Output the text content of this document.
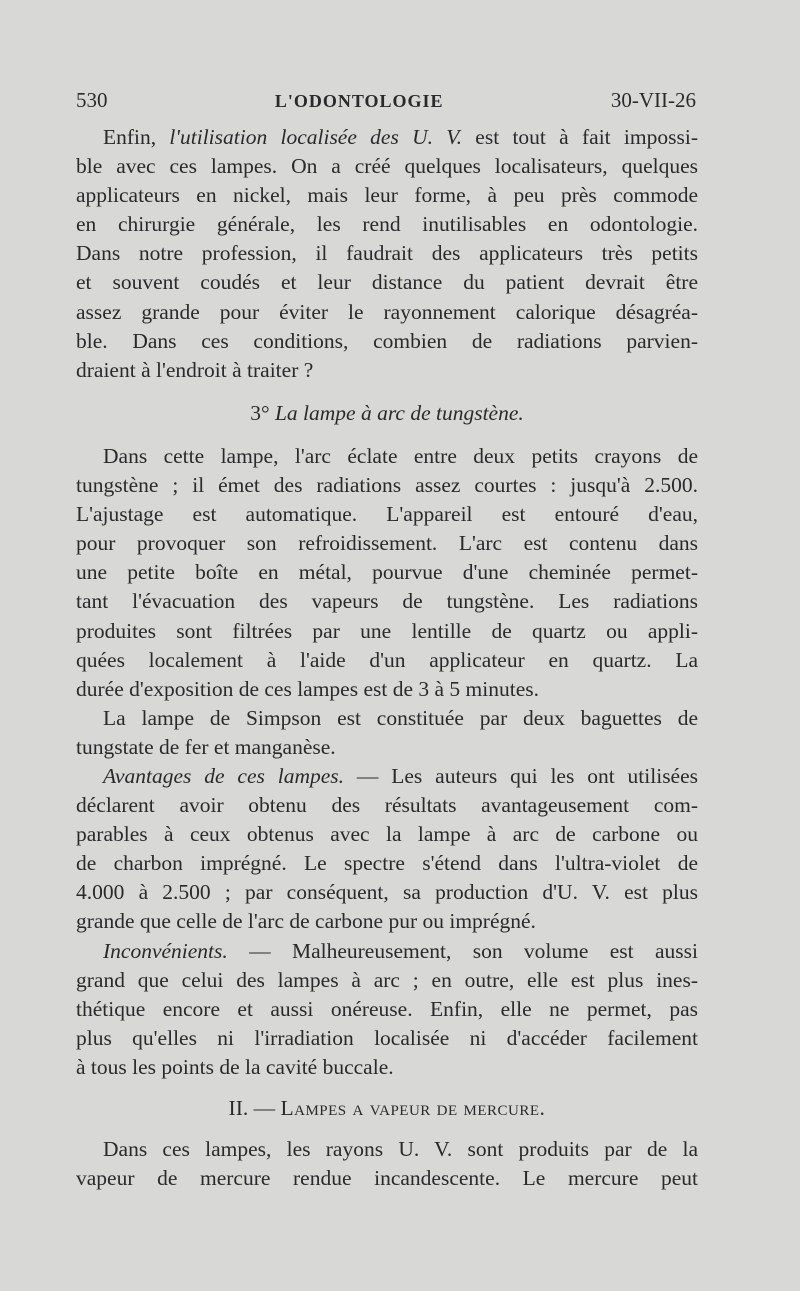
530	L'ODONTOLOGIE	30-VII-26
Enfin, l'utilisation localisée des U. V. est tout à fait impossi-
ble avec ces lampes. On a créé quelques localisateurs, quelques
applicateurs en nickel, mais leur forme, à peu près commode
en chirurgie générale, les rend inutilisables en odontologie.
Dans notre profession, il faudrait des applicateurs très petits
et souvent coudés et leur distance du patient devrait être
assez grande pour éviter le rayonnement calorique désagréa-
ble. Dans ces conditions, combien de radiations parvien-
draient à l'endroit à traiter ?
3° La lampe à arc de tungstène.
Dans cette lampe, l'arc éclate entre deux petits crayons de
tungstène ; il émet des radiations assez courtes : jusqu'à 2.500.
L'ajustage est automatique. L'appareil est entouré d'eau,
pour provoquer son refroidissement. L'arc est contenu dans
une petite boîte en métal, pourvue d'une cheminée permet-
tant l'évacuation des vapeurs de tungstène. Les radiations
produites sont filtrées par une lentille de quartz ou appli-
quées localement à l'aide d'un applicateur en quartz. La
durée d'exposition de ces lampes est de 3 à 5 minutes.
La lampe de Simpson est constituée par deux baguettes de
tungstate de fer et manganèse.
Avantages de ces lampes. — Les auteurs qui les ont utilisées
déclarent avoir obtenu des résultats avantageusement com-
parables à ceux obtenus avec la lampe à arc de carbone ou
de charbon imprégné. Le spectre s'étend dans l'ultra-violet de
4.000 à 2.500 ; par conséquent, sa production d'U. V. est plus
grande que celle de l'arc de carbone pur ou imprégné.
Inconvénients. — Malheureusement, son volume est aussi
grand que celui des lampes à arc ; en outre, elle est plus ines-
thétique encore et aussi onéreuse. Enfin, elle ne permet, pas
plus qu'elles ni l'irradiation localisée ni d'accéder facilement
à tous les points de la cavité buccale.
II. — Lampes a vapeur de mercure.
Dans ces lampes, les rayons U. V. sont produits par de la
vapeur de mercure rendue incandescente. Le mercure peut
